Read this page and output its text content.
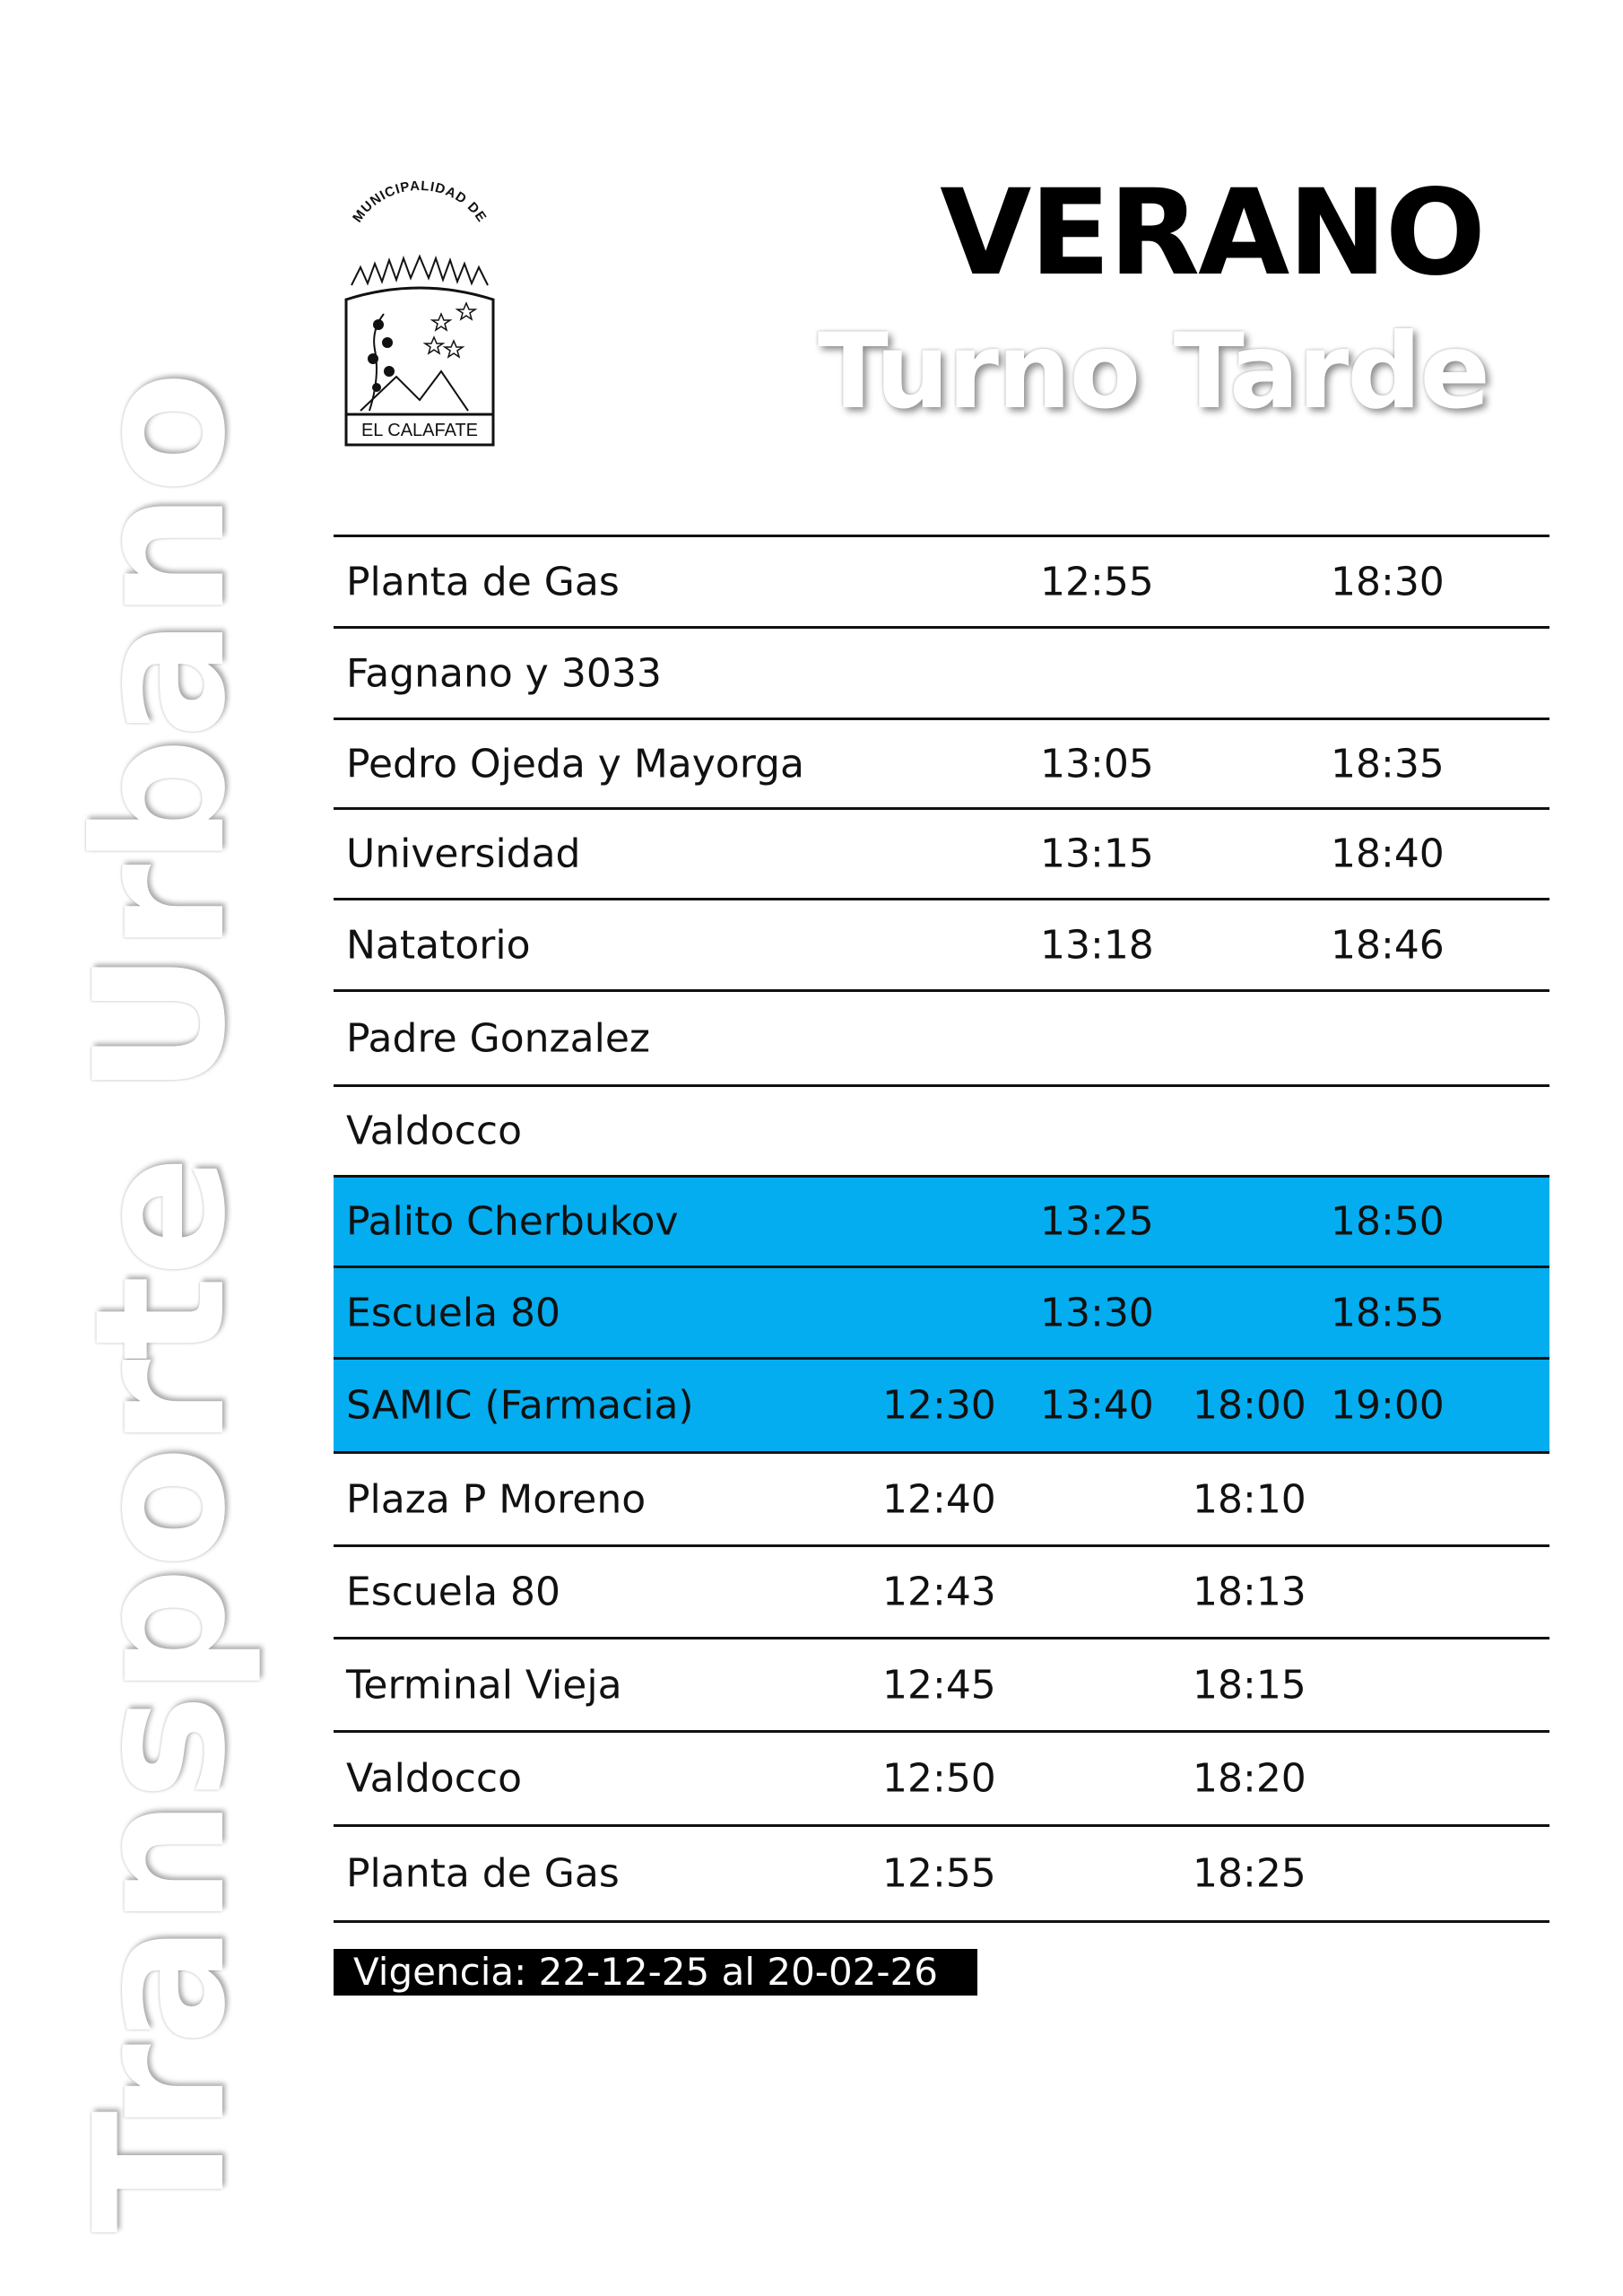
Transporte Urbano
MUNICIPALIDAD DE
EL CALAFATE
VERANO
Turno Tarde
Planta de Gas	12:55	18:30
Fagnano y 3033
Pedro Ojeda y Mayorga	13:05	18:35
Universidad	13:15	18:40
Natatorio	13:18	18:46
Padre Gonzalez
Valdocco
Palito Cherbukov	13:25	18:50
Escuela 80	13:30	18:55
SAMIC (Farmacia)	12:30 13:40 18:00 19:00
Plaza P Moreno	12:40	18:10
Escuela 80	12:43	18:13
Terminal Vieja	12:45	18:15
Valdocco	12:50	18:20
Planta de Gas	12:55	18:25
Vigencia: 22-12-25 al 20-02-26
